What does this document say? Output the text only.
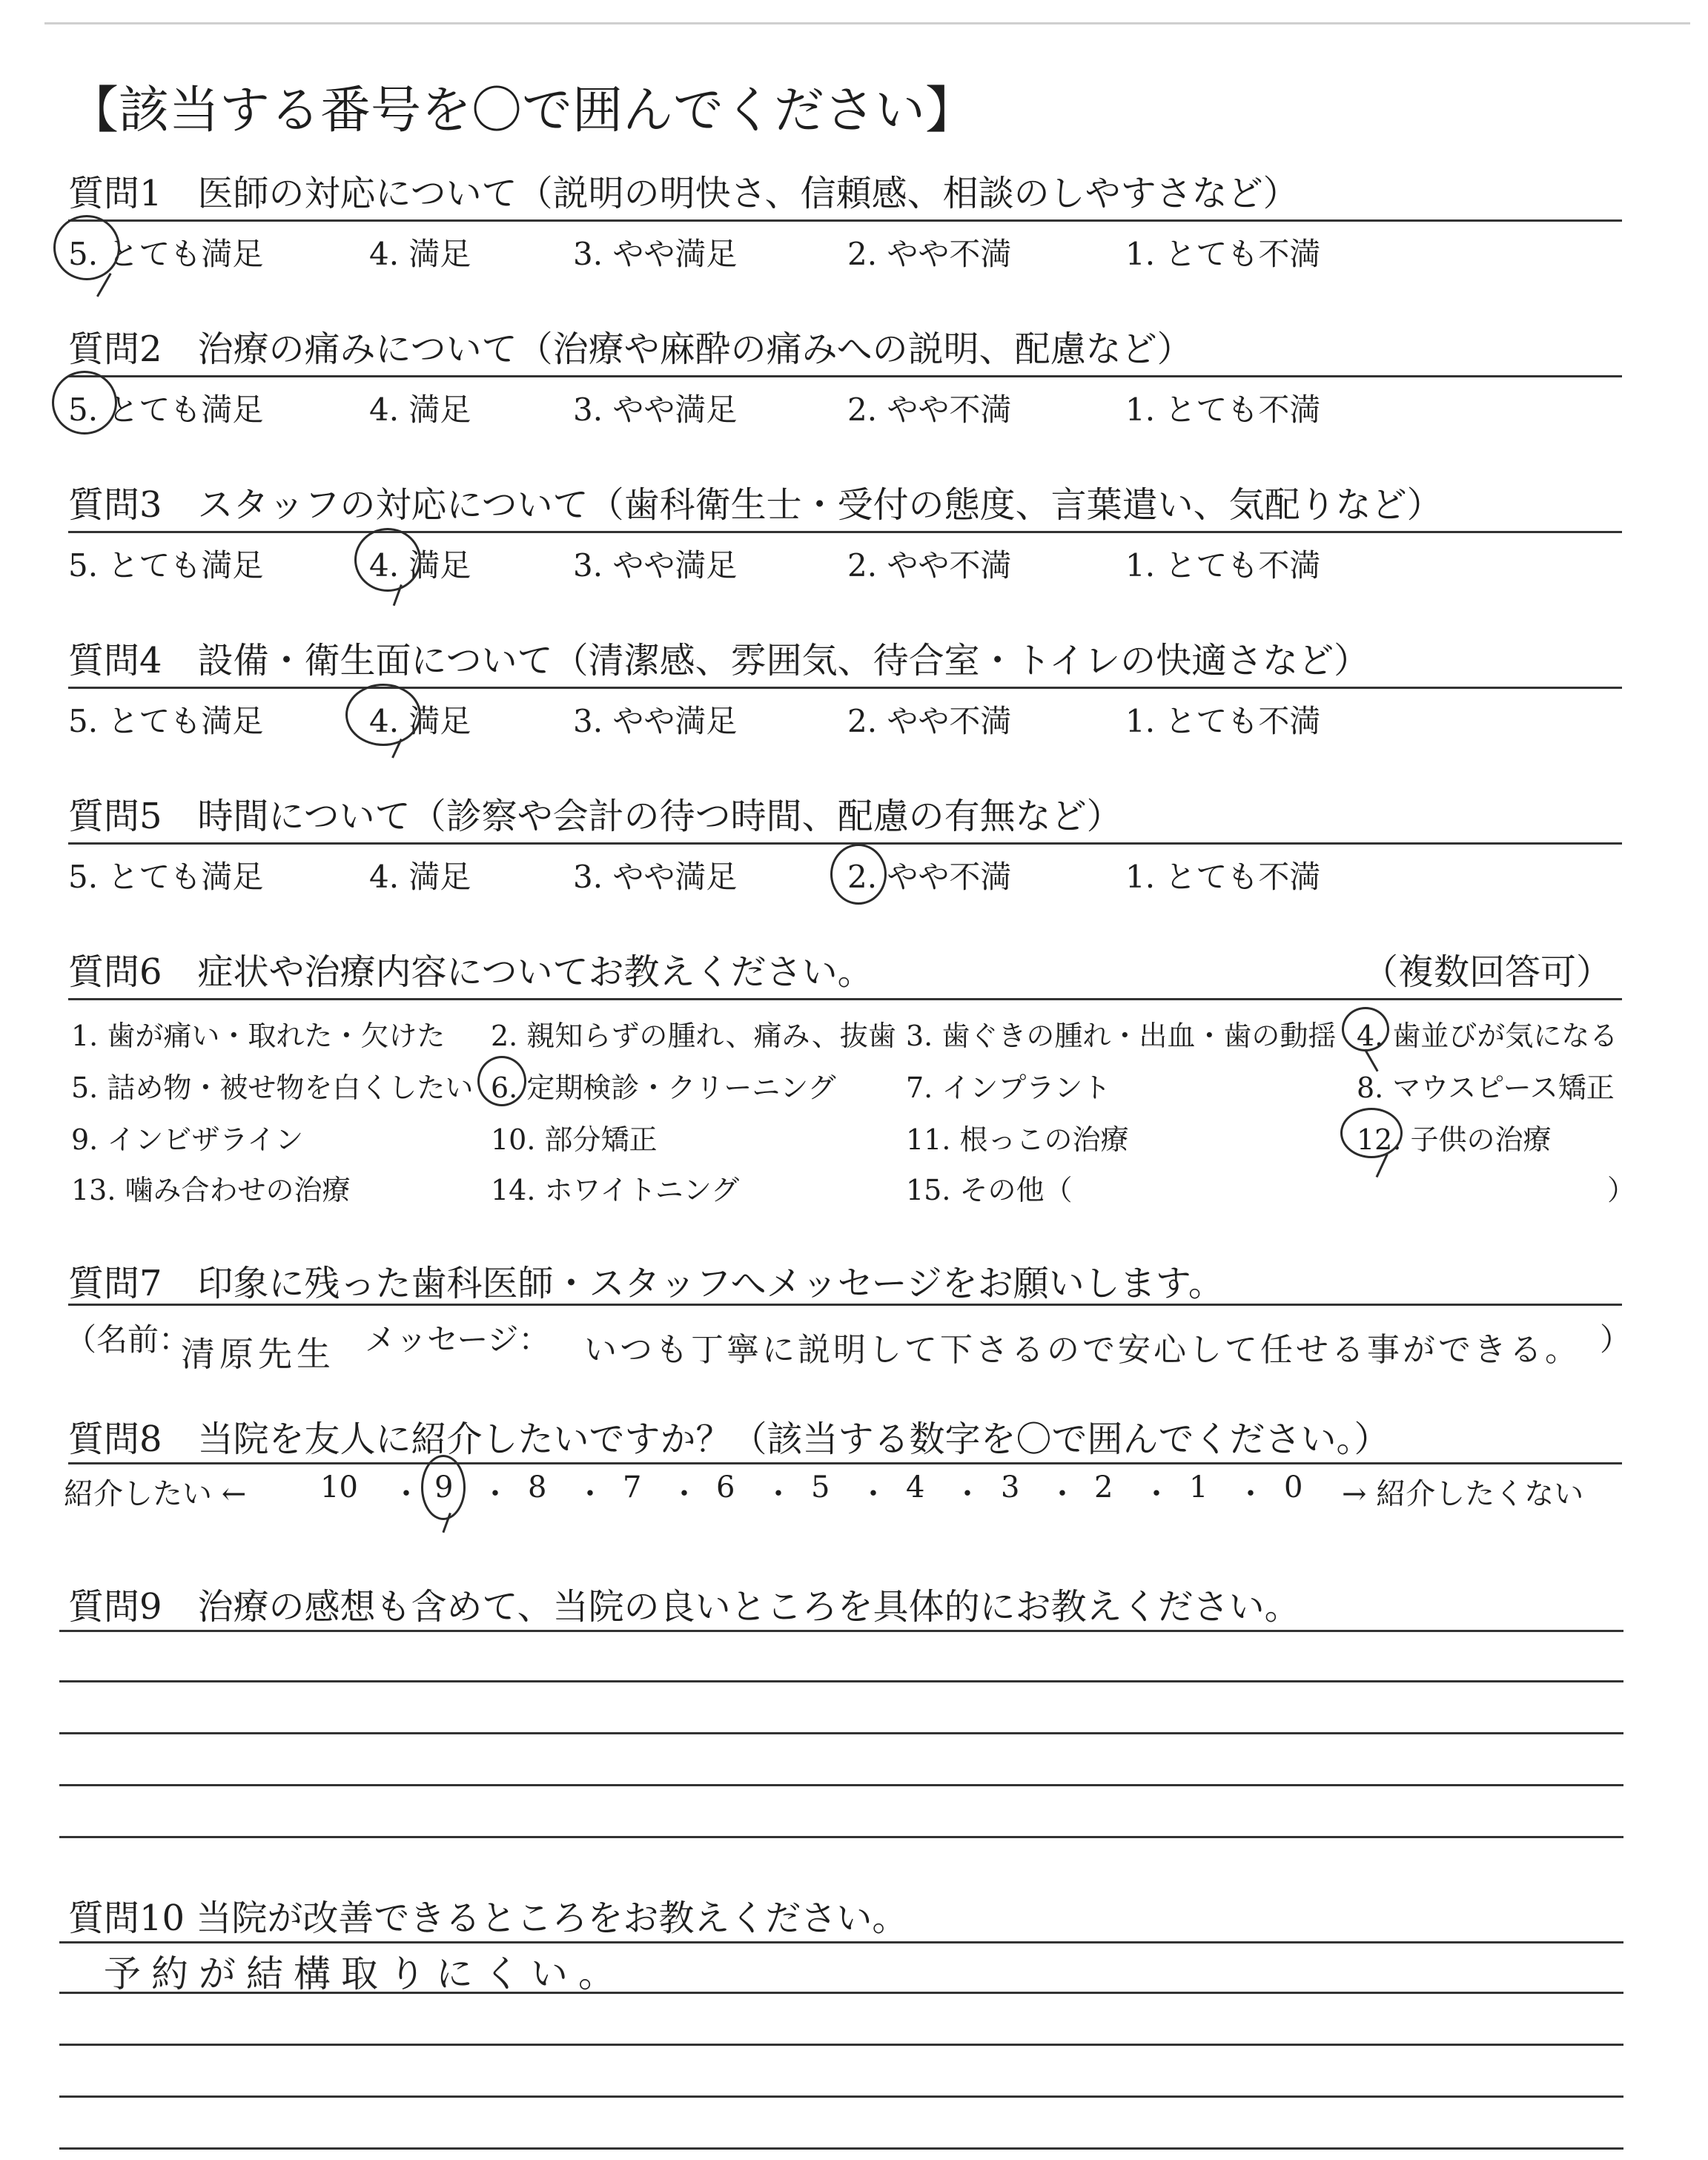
【該当する番号を〇で囲んでください】
質問1　医師の対応について（説明の明快さ、信頼感、相談のしやすさなど）
5. とても満足	4. 満足	3. やや満足	2. やや不満	1. とても不満
質問2　治療の痛みについて（治療や麻酔の痛みへの説明、配慮など）
5. とても満足	4. 満足	3. やや満足	2. やや不満	1. とても不満
質問3　スタッフの対応について（歯科衛生士・受付の態度、言葉遣い、気配りなど）
5. とても満足	4. 満足	3. やや満足	2. やや不満	1. とても不満
質問4　設備・衛生面について（清潔感、雰囲気、待合室・トイレの快適さなど）
5. とても満足	4. 満足	3. やや満足	2. やや不満	1. とても不満
質問5　時間について（診察や会計の待つ時間、配慮の有無など）
5. とても満足	4. 満足	3. やや満足	2. やや不満	1. とても不満
質問6　症状や治療内容についてお教えください。	（複数回答可）
1. 歯が痛い・取れた・欠けた 2. 親知らずの腫れ、痛み、抜歯 3. 歯ぐきの腫れ・出血・歯の動揺 4. 歯並びが気になる
5. 詰め物・被せ物を白くしたい 6. 定期検診・クリーニング 7. インプラント	8. マウスピース矯正
9. インビザライン	10. 部分矯正	11. 根っこの治療	12. 子供の治療
13. 噛み合わせの治療	14. ホワイトニング	15. その他（	）
質問7　印象に残った歯科医師・スタッフへメッセージをお願いします。
（名前：
清原先生 メッセージ： いつも丁寧に説明して下さるので安心して任せる事ができる。 ）
質問8　当院を友人に紹介したいですか？（該当する数字を〇で囲んでください。）
紹介したい ← 10 ・ 9 ・ 8 ・ 7 ・ 6 ・ 5 ・ 4 ・ 3 ・ 2 ・ 1 ・ 0 → 紹介したくない
質問9　治療の感想も含めて、当院の良いところを具体的にお教えください。
質問10 当院が改善できるところをお教えください。
予約が結構取りにくい。
